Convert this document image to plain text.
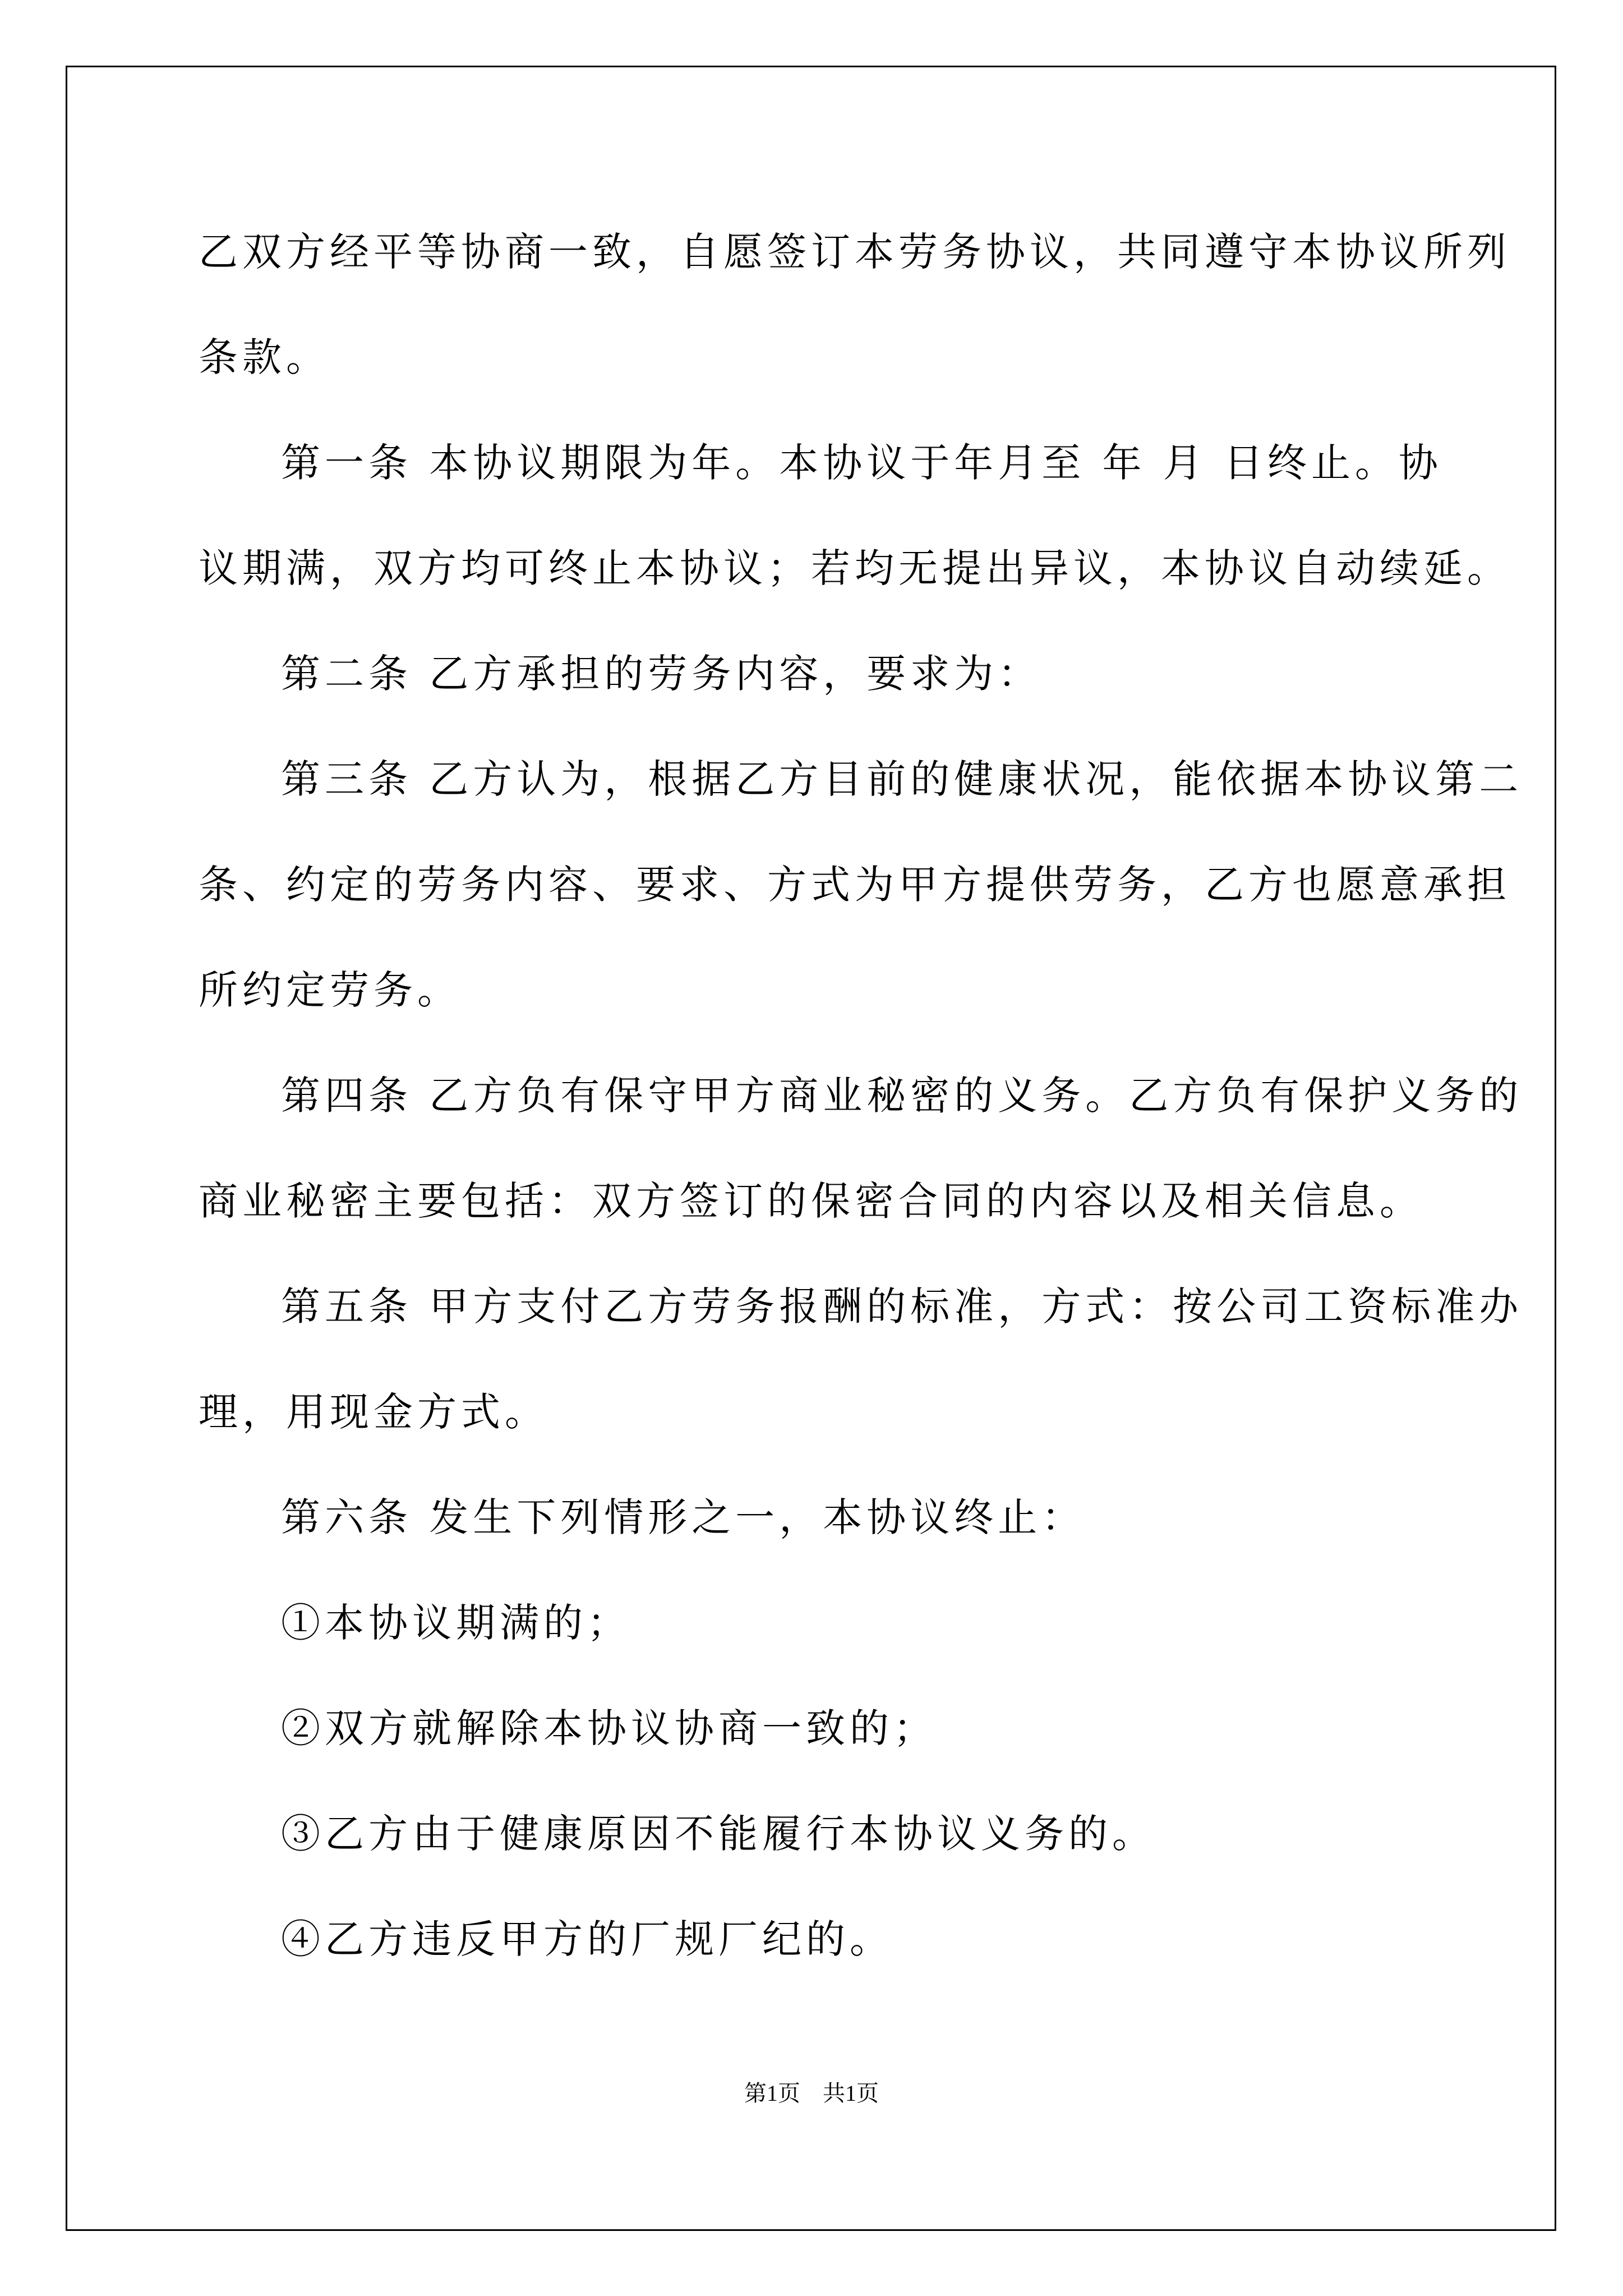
乙双方经平等协商一致，自愿签订本劳务协议，共同遵守本协议所列

条款。

第一条 本协议期限为年。本协议于年月至 年 月 日终止。协

议期满，双方均可终止本协议；若均无提出异议，本协议自动续延。

第二条 乙方承担的劳务内容，要求为：

第三条 乙方认为，根据乙方目前的健康状况，能依据本协议第二

条、约定的劳务内容、要求、方式为甲方提供劳务，乙方也愿意承担

所约定劳务。

第四条 乙方负有保守甲方商业秘密的义务。乙方负有保护义务的

商业秘密主要包括：双方签订的保密合同的内容以及相关信息。

第五条 甲方支付乙方劳务报酬的标准，方式：按公司工资标准办

理，用现金方式。

第六条 发生下列情形之一，本协议终止：

①本协议期满的；

②双方就解除本协议协商一致的；

③乙方由于健康原因不能履行本协议义务的。

④乙方违反甲方的厂规厂纪的。

第1页 共1页
